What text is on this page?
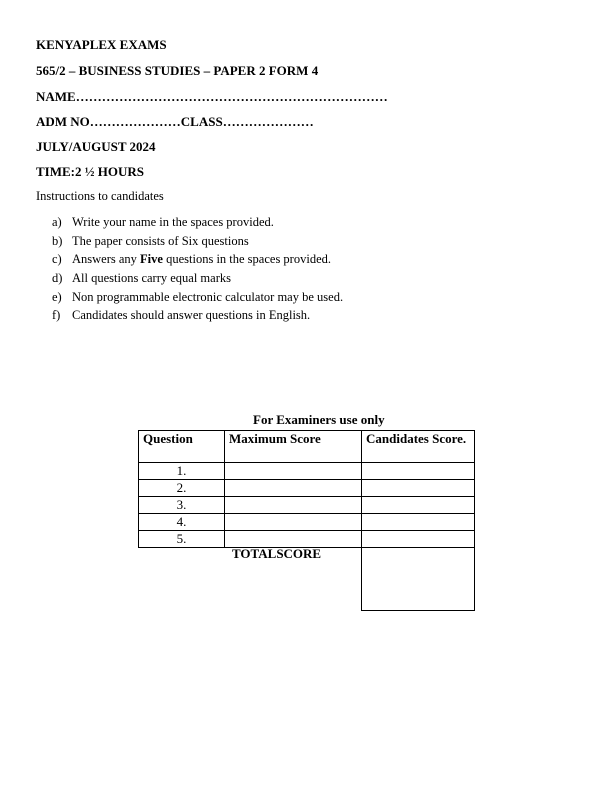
KENYAPLEX EXAMS
565/2 – BUSINESS STUDIES – PAPER 2 FORM 4
NAME………………………………………………………………
ADM NO…………………CLASS…………………
JULY/AUGUST 2024
TIME:2 ½ HOURS
Instructions to candidates
a) Write your name in the spaces provided.
b) The paper consists of Six questions
c) Answers any Five questions in the spaces provided.
d) All questions carry equal marks
e) Non programmable electronic calculator may be used.
f) Candidates should answer questions in English.
For Examiners use only
Question	Maximum Score	Candidates Score.
1.		
2.		
3.		
4.		
5.		
TOTALSCORE
